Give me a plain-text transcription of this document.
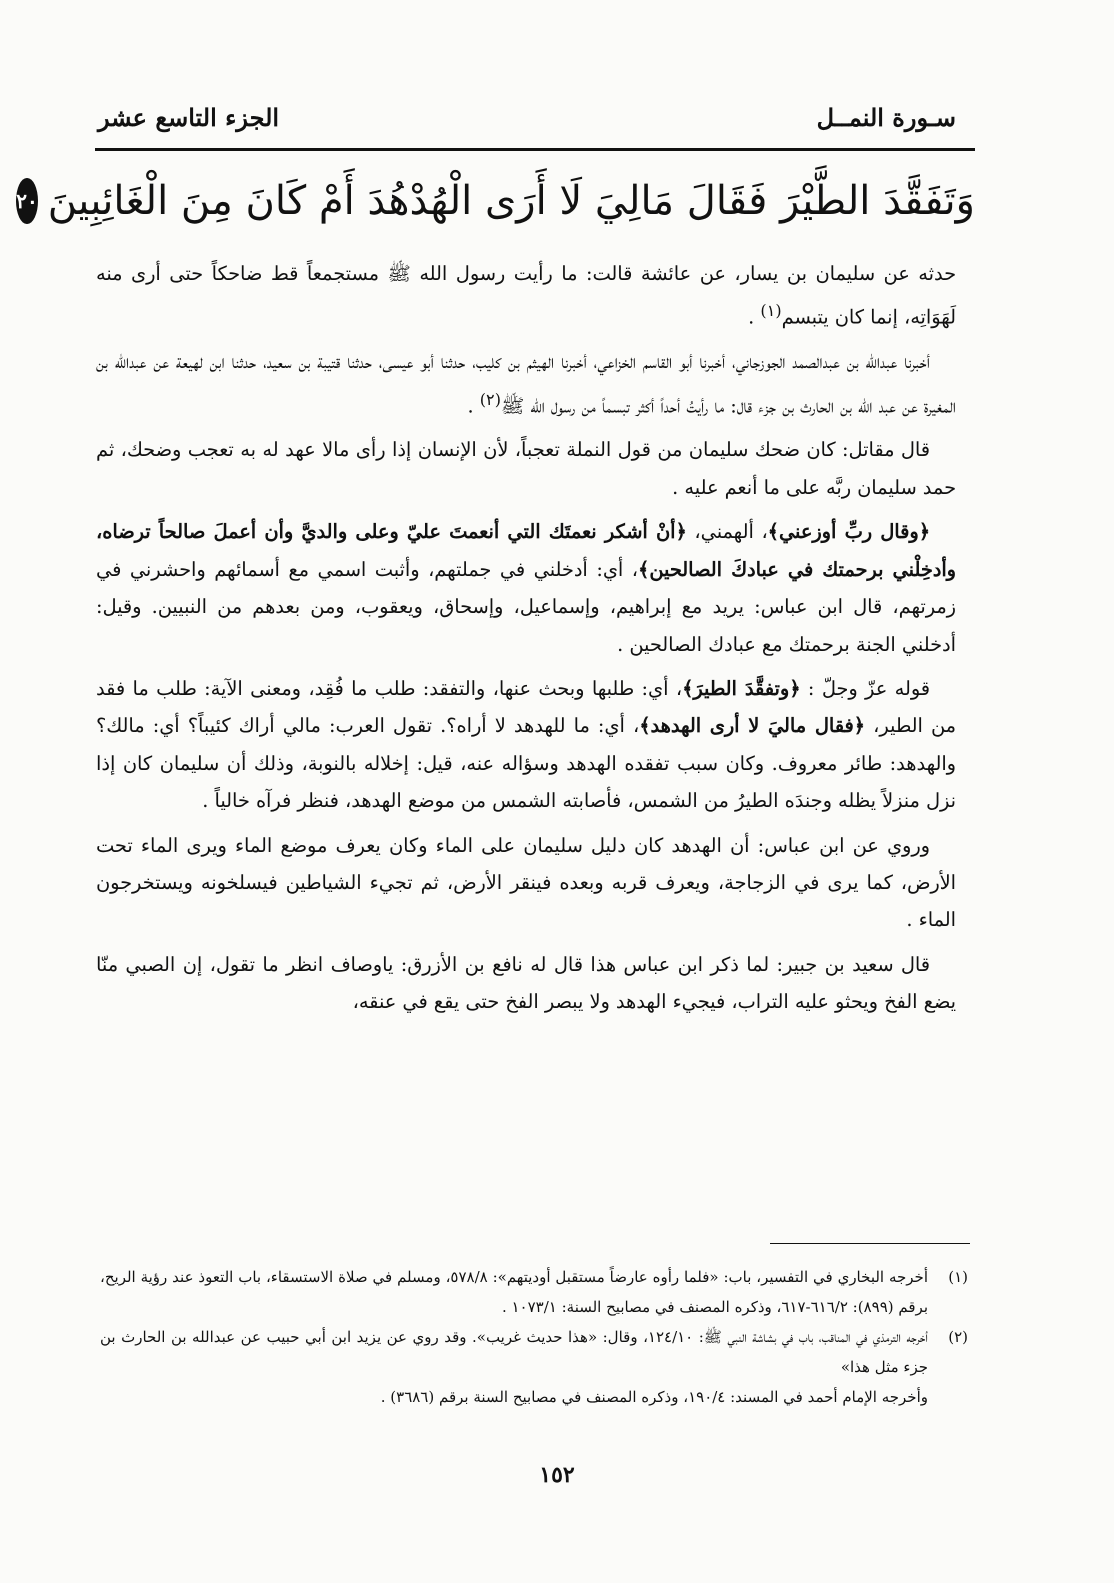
سـورة النمــل
الجزء التاسع عشر
وَتَفَقَّدَ الطَّيْرَ فَقَالَ مَالِيَ لَا أَرَى الْهُدْهُدَ أَمْ كَانَ مِنَ الْغَائِبِينَ
٢٠

حدثه عن سليمان بن يسار، عن عائشة قالت: ما رأيت رسول الله ﷺ مستجمعاً قط ضاحكاً حتى أرى منه لَهَوَاتِه، إنما كان يتبسم$^{(١)}$ .

أخبرنا عبدالله بن عبدالصمد الجوزجاني، أخبرنا أبو القاسم الخزاعي، أخبرنا الهيثم بن كليب، حدثنا أبو عيسى، حدثنا قتيبة بن سعيد، حدثنا ابن لهيعة عن عبدالله بن المغيرة عن عبد الله بن الحارث بن جزء قال: ما رأيتُ أحداً أكثر تبسماً من رسول الله ﷺ$^{(٢)}$ .

قال مقاتل: كان ضحك سليمان من قول النملة تعجباً، لأن الإنسان إذا رأى مالا عهد له به تعجب وضحك، ثم حمد سليمان ربَّه على ما أنعم عليه .

﴿وقال ربِّ أوزعني﴾، ألهمني، ﴿أنْ أشكر نعمتَك التي أنعمتَ عليّ وعلى والديَّ وأن أعملَ صالحاً ترضاه، وأدخِلْني برحمتك في عبادكَ الصالحين﴾، أي: أدخلني في جملتهم، وأثبت اسمي مع أسمائهم واحشرني في زمرتهم، قال ابن عباس: يريد مع إبراهيم، وإسماعيل، وإسحاق، ويعقوب، ومن بعدهم من النبيين. وقيل: أدخلني الجنة برحمتك مع عبادك الصالحين .

قوله عزّ وجلّ : ﴿وتفقَّدَ الطيرَ﴾، أي: طلبها وبحث عنها، والتفقد: طلب ما فُقِد، ومعنى الآية: طلب ما فقد من الطير، ﴿فقال ماليَ لا أرى الهدهد﴾، أي: ما للهدهد لا أراه؟. تقول العرب: مالي أراك كئيباً؟ أي: مالك؟ والهدهد: طائر معروف. وكان سبب تفقده الهدهد وسؤاله عنه، قيل: إخلاله بالنوبة، وذلك أن سليمان كان إذا نزل منزلاً يظله وجندَه الطيرُ من الشمس، فأصابته الشمس من موضع الهدهد، فنظر فرآه خالياً .

وروي عن ابن عباس: أن الهدهد كان دليل سليمان على الماء وكان يعرف موضع الماء ويرى الماء تحت الأرض، كما يرى في الزجاجة، ويعرف قربه وبعده فينقر الأرض، ثم تجيء الشياطين فيسلخونه ويستخرجون الماء .

قال سعيد بن جبير: لما ذكر ابن عباس هذا قال له نافع بن الأزرق: ياوصاف انظر ما تقول، إن الصبي منّا يضع الفخ ويحثو عليه التراب، فيجيء الهدهد ولا يبصر الفخ حتى يقع في عنقه،

(١)
أخرجه البخاري في التفسير، باب: «فلما رأوه عارضاً مستقبل أوديتهم»: ٥٧٨/٨، ومسلم في صلاة الاستسقاء، باب التعوذ عند رؤية الريح، برقم (٨٩٩): ٦١٦/٢-٦١٧، وذكره المصنف في مصابيح السنة: ١٠٧٣/١ .
(٢)
أخرجه الترمذي في المناقب، باب في بشاشة النبي ﷺ: ١٢٤/١٠، وقال: «هذا حديث غريب». وقد روي عن يزيد ابن أبي حبيب عن عبدالله بن الحارث بن جزء مثل هذا»
وأخرجه الإمام أحمد في المسند: ١٩٠/٤، وذكره المصنف في مصابيح السنة برقم (٣٦٨٦) .
١٥٢
